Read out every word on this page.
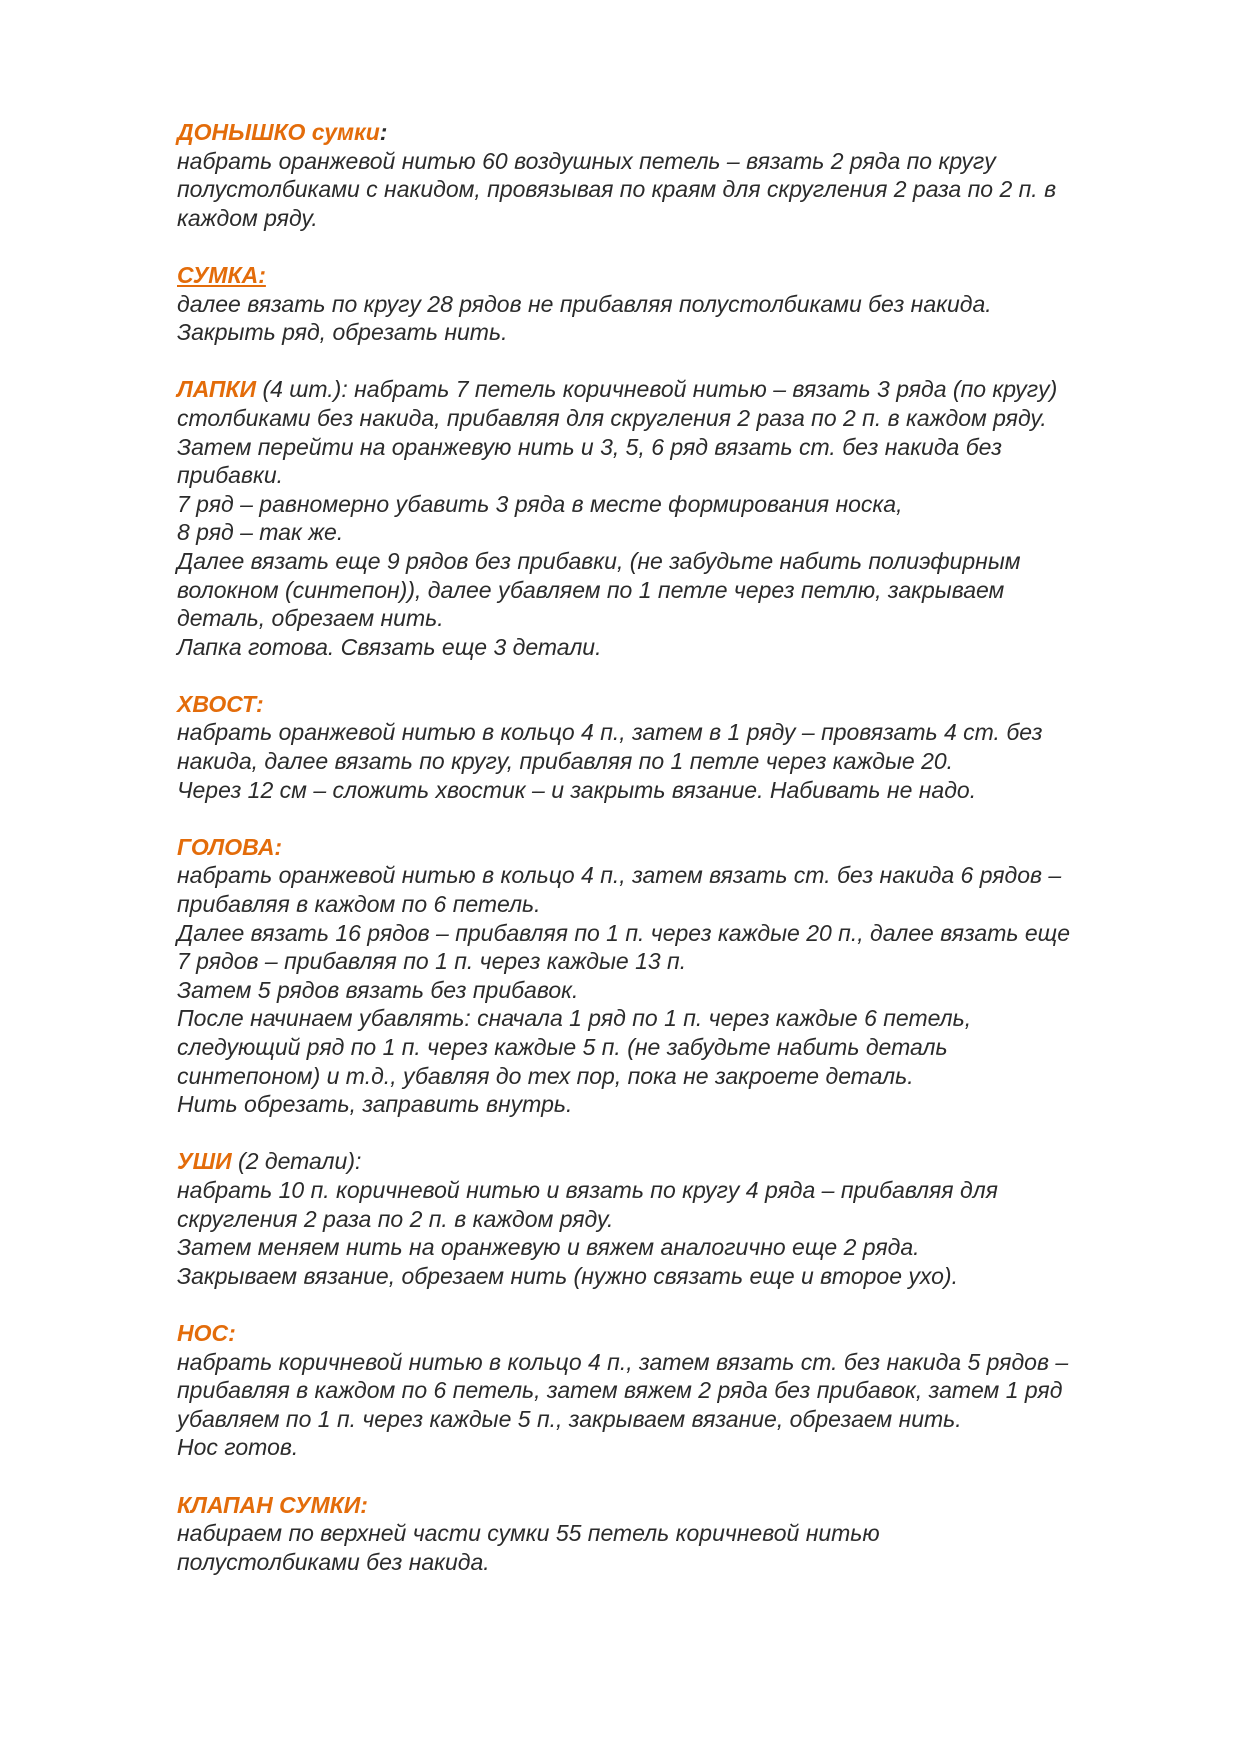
ДОНЫШКО сумки:
набрать оранжевой нитью 60 воздушных петель – вязать 2 ряда по кругу
полустолбиками с накидом, провязывая по краям для скругления 2 раза по 2 п. в
каждом ряду.
СУМКА:
далее вязать по кругу 28 рядов не прибавляя полустолбиками без накида.
Закрыть ряд, обрезать нить.
ЛАПКИ (4 шт.): набрать 7 петель коричневой нитью – вязать 3 ряда (по кругу)
столбиками без накида, прибавляя для скругления 2 раза по 2 п. в каждом ряду.
Затем перейти на оранжевую нить и 3, 5, 6 ряд вязать ст. без накида без
прибавки.
7 ряд – равномерно убавить 3 ряда в месте формирования носка,
8 ряд – так же.
Далее вязать еще 9 рядов без прибавки, (не забудьте набить полиэфирным
волокном (синтепон)), далее убавляем по 1 петле через петлю, закрываем
деталь, обрезаем нить.
Лапка готова. Связать еще 3 детали.
ХВОСТ:
набрать оранжевой нитью в кольцо 4 п., затем в 1 ряду – провязать 4 ст. без
накида, далее вязать по кругу, прибавляя по 1 петле через каждые 20.
Через 12 см – сложить хвостик – и закрыть вязание. Набивать не надо.
ГОЛОВА:
набрать оранжевой нитью в кольцо 4 п., затем вязать ст. без накида 6 рядов –
прибавляя в каждом по 6 петель.
Далее вязать 16 рядов – прибавляя по 1 п. через каждые 20 п., далее вязать еще
7 рядов – прибавляя по 1 п. через каждые 13 п.
Затем 5 рядов вязать без прибавок.
После начинаем убавлять: сначала 1 ряд по 1 п. через каждые 6 петель,
следующий ряд по 1 п. через каждые 5 п. (не забудьте набить деталь
синтепоном) и т.д., убавляя до тех пор, пока не закроете деталь.
Нить обрезать, заправить внутрь.
УШИ (2 детали):
набрать 10 п. коричневой нитью и вязать по кругу 4 ряда – прибавляя для
скругления 2 раза по 2 п. в каждом ряду.
Затем меняем нить на оранжевую и вяжем аналогично еще 2 ряда.
Закрываем вязание, обрезаем нить (нужно связать еще и второе ухо).
НОС:
набрать коричневой нитью в кольцо 4 п., затем вязать ст. без накида 5 рядов –
прибавляя в каждом по 6 петель, затем вяжем 2 ряда без прибавок, затем 1 ряд
убавляем по 1 п. через каждые 5 п., закрываем вязание, обрезаем нить.
Нос готов.
КЛАПАН СУМКИ:
набираем по верхней части сумки 55 петель коричневой нитью
полустолбиками без накида.
